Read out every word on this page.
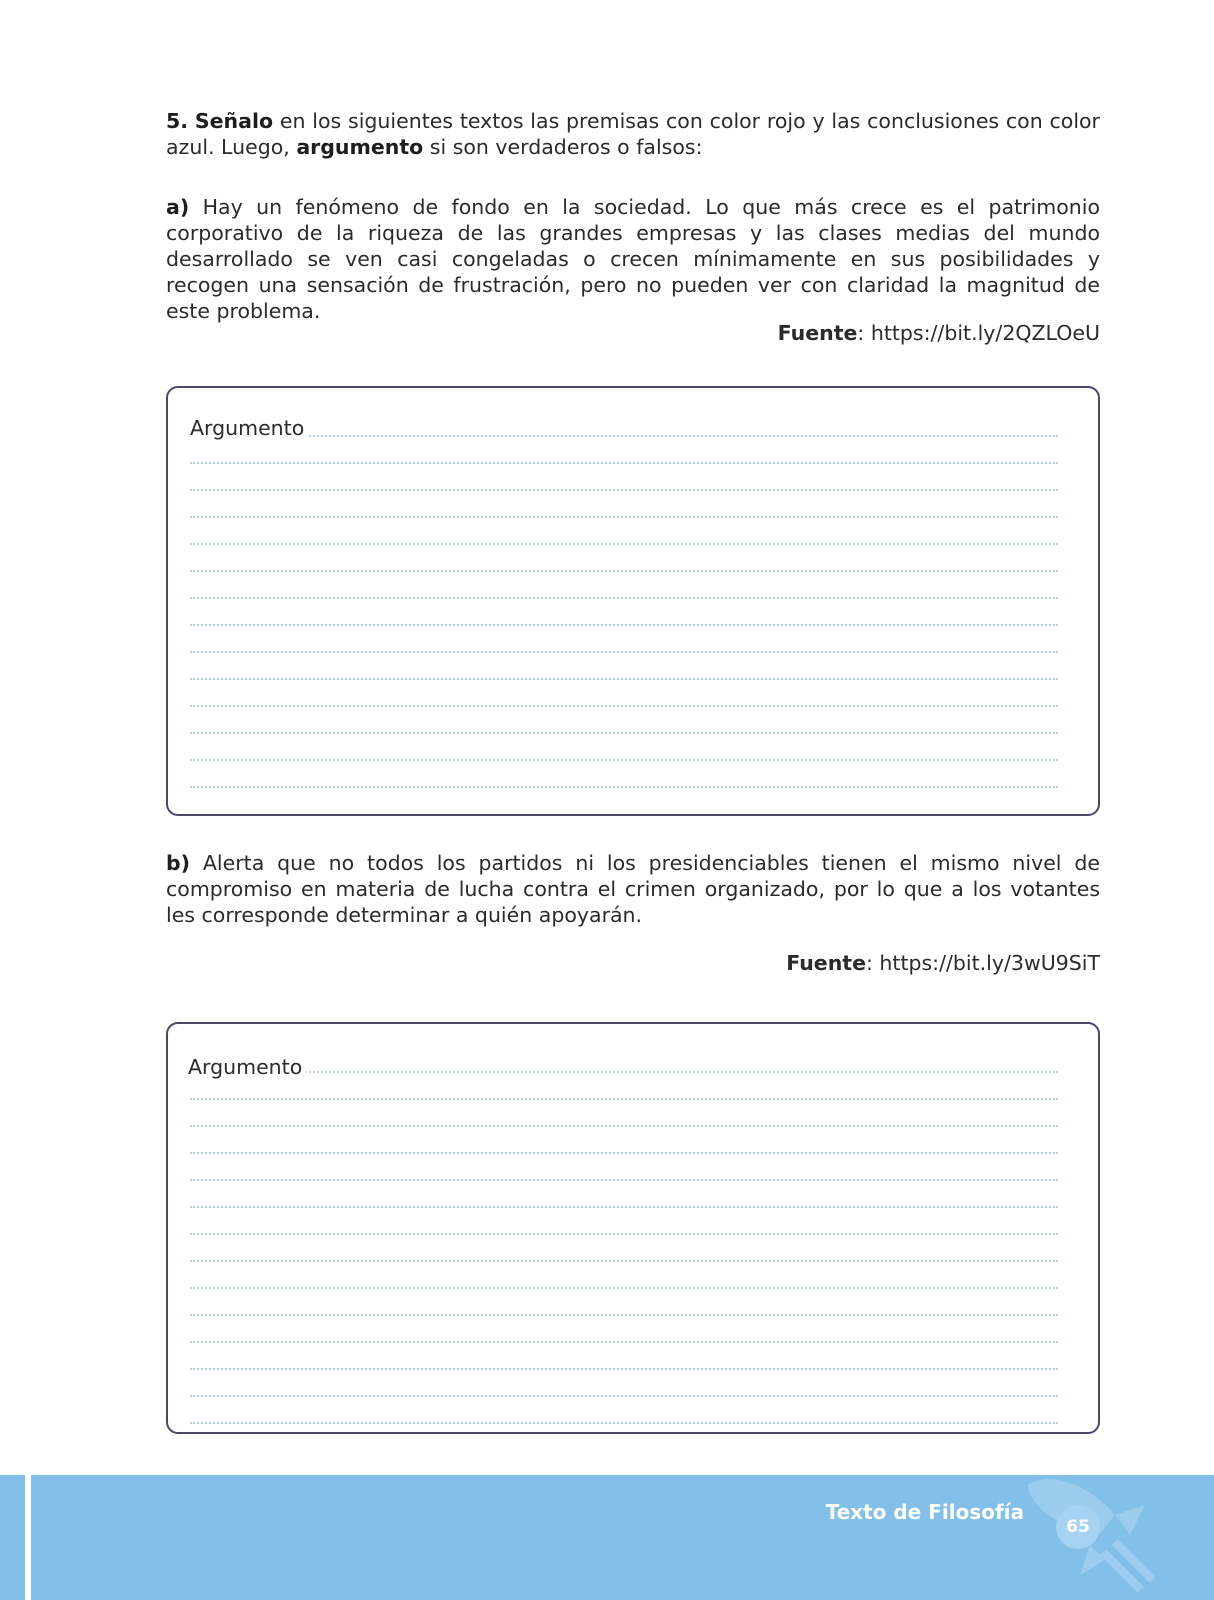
5. Señalo en los siguientes textos las premisas con color rojo y las conclusiones con color azul. Luego, argumento si son verdaderos o falsos:

a) Hay un fenómeno de fondo en la sociedad. Lo que más crece es el patrimonio corporativo de la riqueza de las grandes empresas y las clases medias del mundo desarrollado se ven casi congeladas o crecen mínimamente en sus posibilidades y recogen una sensación de frustración, pero no pueden ver con claridad la magnitud de este problema.

Fuente: https://bit.ly/2QZLOeU
Argumento

b) Alerta que no todos los partidos ni los presidenciables tienen el mismo nivel de compromiso en materia de lucha contra el crimen organizado, por lo que a los votantes les corresponde determinar a quién apoyarán.

Fuente: https://bit.ly/3wU9SiT
Argumento
Texto de Filosofía
65
